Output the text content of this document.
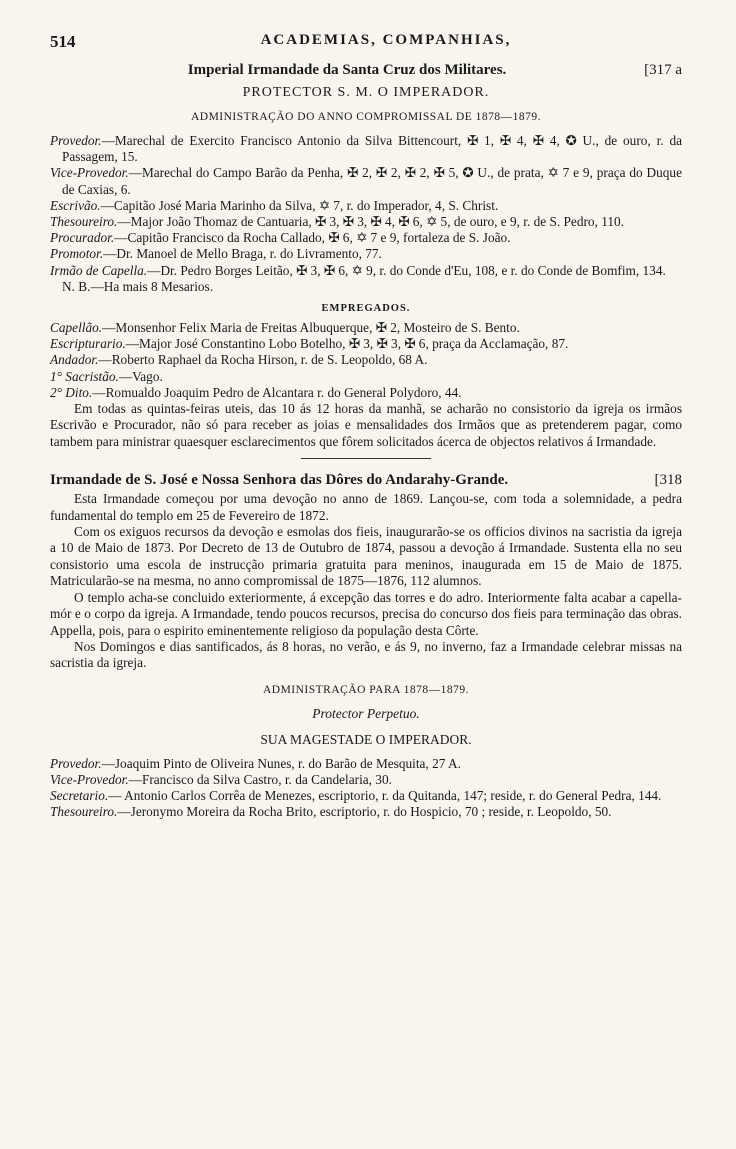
514	ACADEMIAS, COMPANHIAS,
Imperial Irmandade da Santa Cruz dos Militares.	[317 a
PROTECTOR S. M. O IMPERADOR.
ADMINISTRAÇÃO DO ANNO COMPROMISSAL DE 1878—1879.
Provedor.—Marechal de Exercito Francisco Antonio da Silva Bittencourt, ✠ 1, ✠ 4, ✠ 4, ✪ U., de ouro, r. da Passagem, 15.
Vice-Provedor.—Marechal do Campo Barão da Penha, ✠ 2, ✠ 2, ✠ 2, ✠ 5, ✪ U., de prata, ✡ 7 e 9, praça do Duque de Caxias, 6.
Escrivão.—Capitão José Maria Marinho da Silva, ✡ 7, r. do Imperador, 4, S. Christ.
Thesoureiro.—Major João Thomaz de Cantuaria, ✠ 3, ✠ 3, ✠ 4, ✠ 6, ✡ 5, de ouro, e 9, r. de S. Pedro, 110.
Procurador.—Capitão Francisco da Rocha Callado, ✠ 6, ✡ 7 e 9, fortaleza de S. João.
Promotor.—Dr. Manoel de Mello Braga, r. do Livramento, 77.
Irmão de Capella.—Dr. Pedro Borges Leitão, ✠ 3, ✠ 6, ✡ 9, r. do Conde d'Eu, 108, e r. do Conde de Bomfim, 134.
N. B.—Ha mais 8 Mesarios.
EMPREGADOS.
Capellão.—Monsenhor Felix Maria de Freitas Albuquerque, ✠ 2, Mosteiro de S. Bento.
Escripturario.—Major José Constantino Lobo Botelho, ✠ 3, ✠ 3, ✠ 6, praça da Acclamação, 87.
Andador.—Roberto Raphael da Rocha Hirson, r. de S. Leopoldo, 68 A.
1° Sacristão.—Vago.
2° Dito.—Romualdo Joaquim Pedro de Alcantara r. do General Polydoro, 44.
Em todas as quintas-feiras uteis, das 10 ás 12 horas da manhã, se acharão no consistorio da igreja os irmãos Escrivão e Procurador, não só para receber as joias e mensalidades dos Irmãos que as pretenderem pagar, como tambem para ministrar quaesquer esclarecimentos que fôrem solicitados ácerca de objectos relativos á Irmandade.
Irmandade de S. José e Nossa Senhora das Dôres do Andarahy-Grande.	[318
Esta Irmandade começou por uma devoção no anno de 1869. Lançou-se, com toda a solemnidade, a pedra fundamental do templo em 25 de Fevereiro de 1872.
Com os exiguos recursos da devoção e esmolas dos fieis, inaugurarão-se os officios divinos na sacristia da igreja a 10 de Maio de 1873. Por Decreto de 13 de Outubro de 1874, passou a devoção á Irmandade. Sustenta ella no seu consistorio uma escola de instrucção primaria gratuita para meninos, inaugurada em 15 de Maio de 1875. Matricularão-se na mesma, no anno compromissal de 1875—1876, 112 alumnos.
O templo acha-se concluido exteriormente, á excepção das torres e do adro. Interiormente falta acabar a capella-mór e o corpo da igreja. A Irmandade, tendo poucos recursos, precisa do concurso dos fieis para terminação das obras. Appella, pois, para o espirito eminentemente religioso da população desta Côrte.
Nos Domingos e dias santificados, ás 8 horas, no verão, e ás 9, no inverno, faz a Irmandade celebrar missas na sacristia da igreja.
ADMINISTRAÇÃO PARA 1878—1879.
Protector Perpetuo.
SUA MAGESTADE O IMPERADOR.
Provedor.—Joaquim Pinto de Oliveira Nunes, r. do Barão de Mesquita, 27 A.
Vice-Provedor.—Francisco da Silva Castro, r. da Candelaria, 30.
Secretario.— Antonio Carlos Corrêa de Menezes, escriptorio, r. da Quitanda, 147; reside, r. do General Pedra, 144.
Thesoureiro.—Jeronymo Moreira da Rocha Brito, escriptorio, r. do Hospicio, 70 ; reside, r. Leopoldo, 50.
